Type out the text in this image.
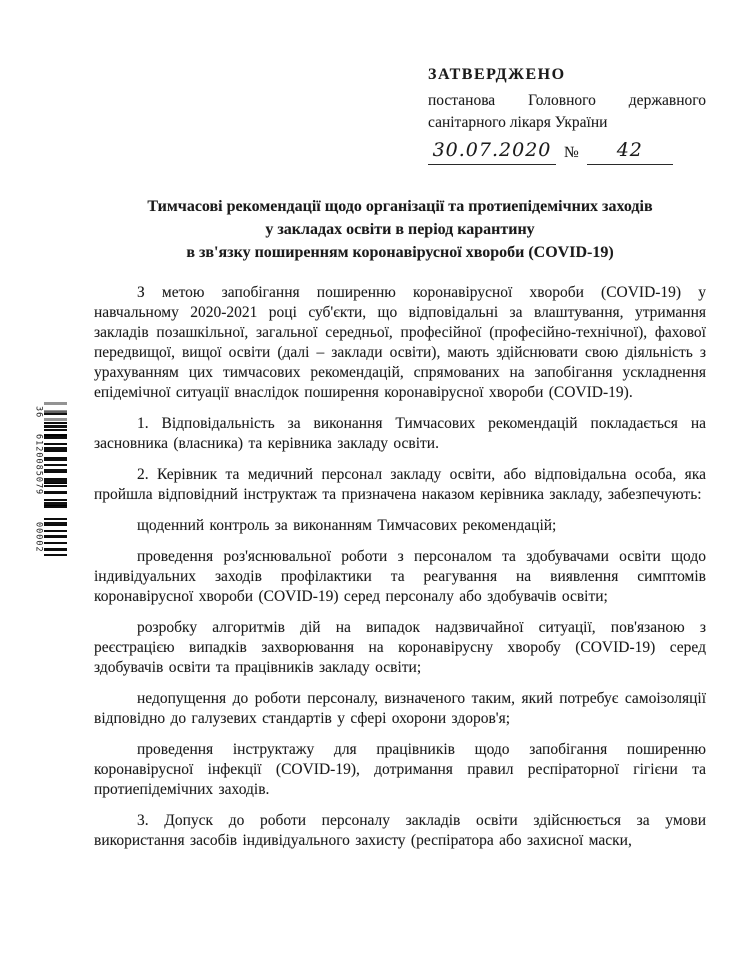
36
6120085079
00002
ЗАТВЕРДЖЕНО
постанова Головного державного
санітарного лікаря України
30.07.2020 №	42
Тимчасові рекомендації щодо організації та протиепідемічних заходів
у закладах освіти в період карантину
в зв'язку поширенням коронавірусної хвороби (COVID-19)

З метою запобігання поширенню коронавірусної хвороби (COVID-19) у навчальному 2020-2021 році суб'єкти, що відповідальні за влаштування, утримання закладів позашкільної, загальної середньої, професійної (професійно-технічної), фахової передвищої, вищої освіти (далі – заклади освіти), мають здійснювати свою діяльність з урахуванням цих тимчасових рекомендацій, спрямованих на запобігання ускладнення епідемічної ситуації внаслідок поширення коронавірусної хвороби (COVID-19).

1. Відповідальність за виконання Тимчасових рекомендацій покладається на засновника (власника) та керівника закладу освіти.

2. Керівник та медичний персонал закладу освіти, або відповідальна особа, яка пройшла відповідний інструктаж та призначена наказом керівника закладу, забезпечують:

щоденний контроль за виконанням Тимчасових рекомендацій;

проведення роз'яснювальної роботи з персоналом та здобувачами освіти щодо індивідуальних заходів профілактики та реагування на виявлення симптомів коронавірусної хвороби (COVID-19) серед персоналу або здобувачів освіти;

розробку алгоритмів дій на випадок надзвичайної ситуації, пов'язаною з реєстрацією випадків захворювання на коронавірусну хворобу (COVID-19) серед здобувачів освіти та працівників закладу освіти;

недопущення до роботи персоналу, визначеного таким, який потребує самоізоляції відповідно до галузевих стандартів у сфері охорони здоров'я;

проведення інструктажу для працівників щодо запобігання поширенню коронавірусної інфекції (COVID-19), дотримання правил респіраторної гігієни та протиепідемічних заходів.

3. Допуск до роботи персоналу закладів освіти здійснюється за умови використання засобів індивідуального захисту (респіратора або захисної маски,
